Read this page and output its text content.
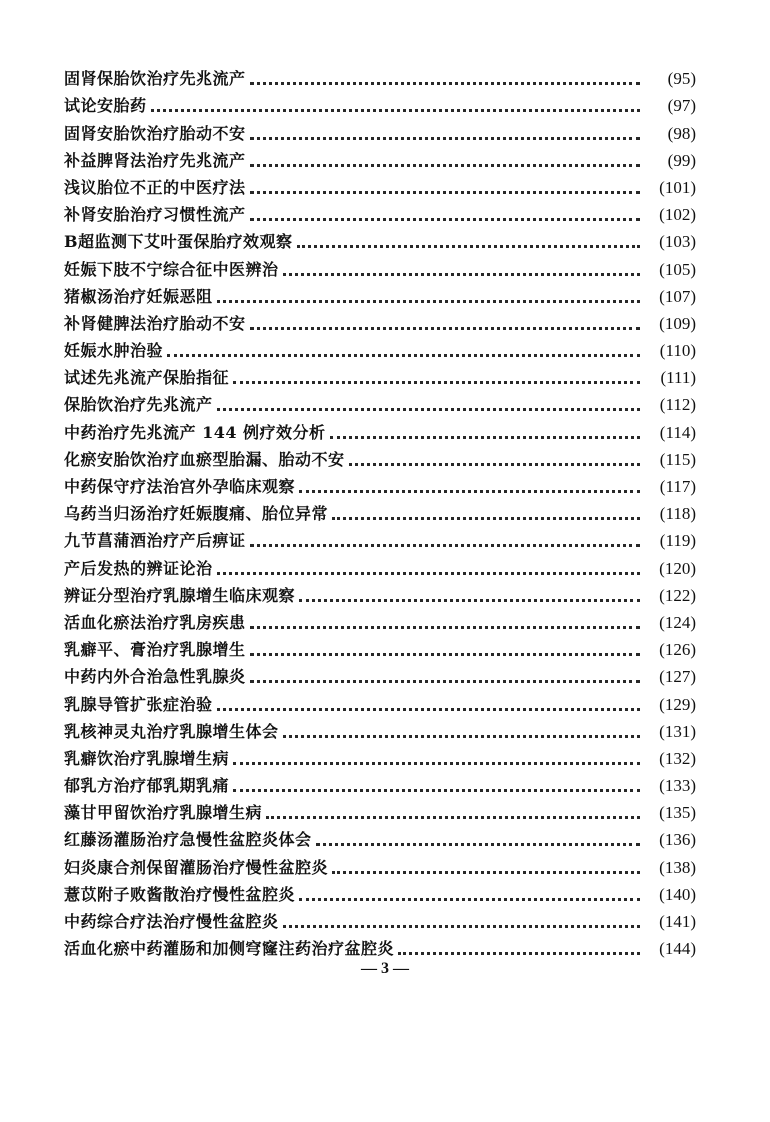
固肾保胎饮治疗先兆流产	(95)
试论安胎药	(97)
固肾安胎饮治疗胎动不安	(98)
补益脾肾法治疗先兆流产	(99)
浅议胎位不正的中医疗法	(101)
补肾安胎治疗习惯性流产	(102)
B超监测下艾叶蛋保胎疗效观察	(103)
妊娠下肢不宁综合征中医辨治	(105)
猪椒汤治疗妊娠恶阻	(107)
补肾健脾法治疗胎动不安	(109)
妊娠水肿治验	(110)
试述先兆流产保胎指征	(111)
保胎饮治疗先兆流产	(112)
中药治疗先兆流产 144 例疗效分析	(114)
化瘀安胎饮治疗血瘀型胎漏、胎动不安	(115)
中药保守疗法治宫外孕临床观察	(117)
乌药当归汤治疗妊娠腹痛、胎位异常	(118)
九节菖蒲酒治疗产后痹证	(119)
产后发热的辨证论治	(120)
辨证分型治疗乳腺增生临床观察	(122)
活血化瘀法治疗乳房疾患	(124)
乳癖平、膏治疗乳腺增生	(126)
中药内外合治急性乳腺炎	(127)
乳腺导管扩张症治验	(129)
乳核神灵丸治疗乳腺增生体会	(131)
乳癖饮治疗乳腺增生病	(132)
郁乳方治疗郁乳期乳痛	(133)
藻甘甲留饮治疗乳腺增生病	(135)
红藤汤灌肠治疗急慢性盆腔炎体会	(136)
妇炎康合剂保留灌肠治疗慢性盆腔炎	(138)
薏苡附子败酱散治疗慢性盆腔炎	(140)
中药综合疗法治疗慢性盆腔炎	(141)
活血化瘀中药灌肠和加侧穹窿注药治疗盆腔炎	(144)
— 3 —
